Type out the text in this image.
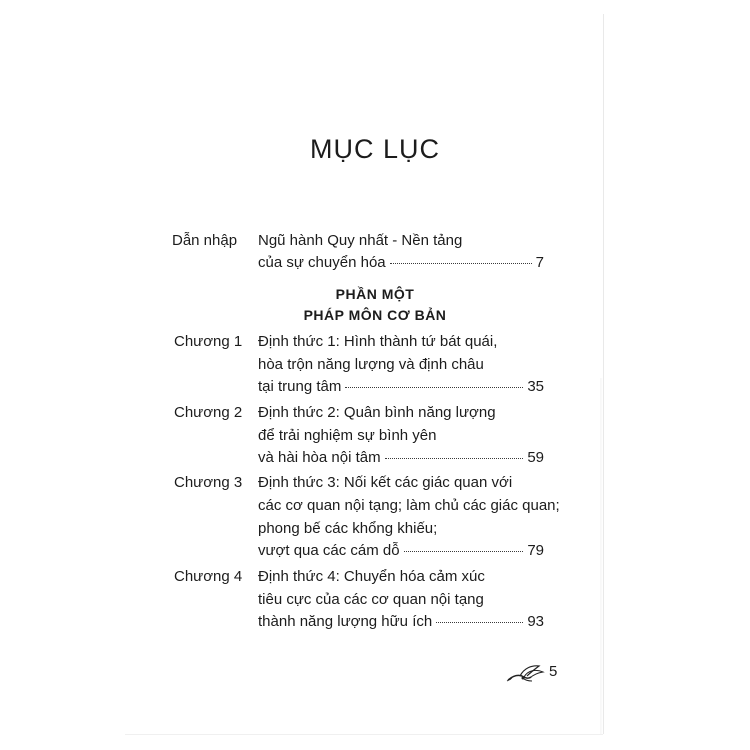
MỤC LỤC
Dẫn nhập Ngũ hành Quy nhất - Nền tảng
của sự chuyển hóa	7
PHẦN MỘT
PHÁP MÔN CƠ BẢN
Chương 1 Định thức 1: Hình thành tứ bát quái,
hòa trộn năng lượng và định châu
tại trung tâm	35
Chương 2 Định thức 2: Quân bình năng lượng
để trải nghiệm sự bình yên
và hài hòa nội tâm	59
Chương 3 Định thức 3: Nối kết các giác quan với
các cơ quan nội tạng; làm chủ các giác quan;
phong bế các khổng khiếu;
vượt qua các cám dỗ	79
Chương 4 Định thức 4: Chuyển hóa cảm xúc
tiêu cực của các cơ quan nội tạng
thành năng lượng hữu ích	93
5
